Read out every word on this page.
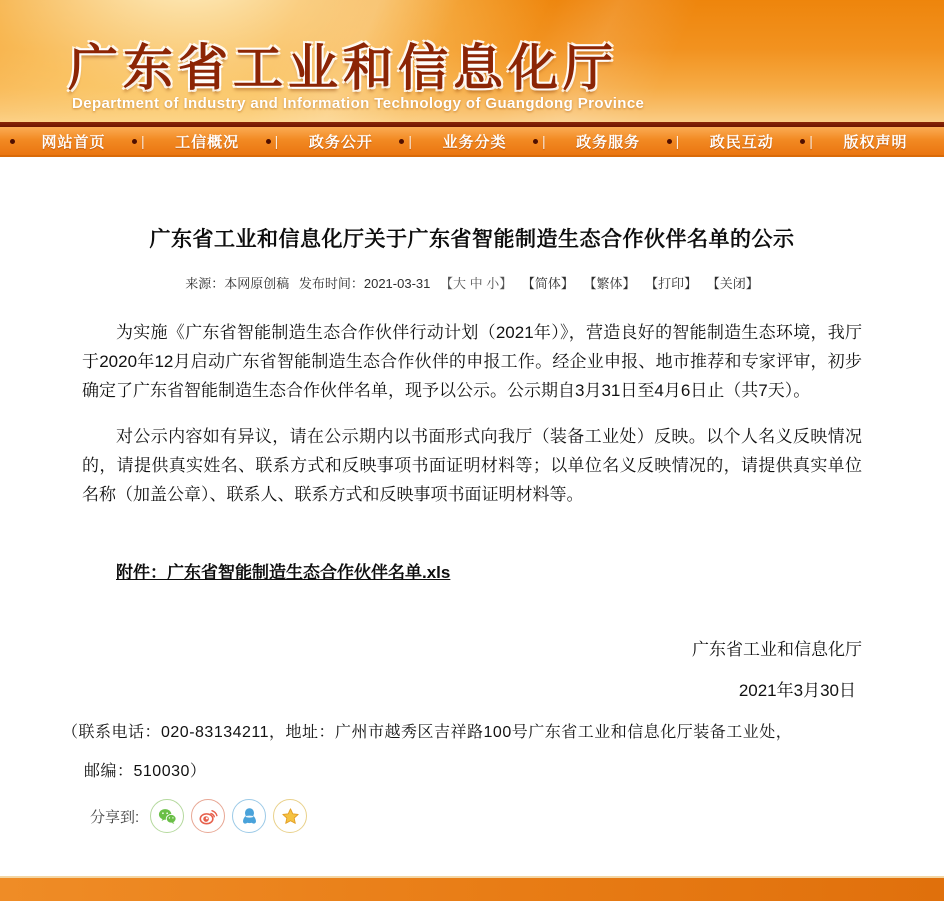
广东省工业和信息化厅
Department of Industry and Information Technology of Guangdong Province
网站首页	|	工信概况	|	政务公开	|	业务分类	|	政务服务	|	政民互动	|	版权声明
广东省工业和信息化厅关于广东省智能制造生态合作伙伴名单的公示
来源：本网原创稿 发布时间：2021-03-31 【大 中 小】 【简体】 【繁体】 【打印】 【关闭】

为实施《广东省智能制造生态合作伙伴行动计划（2021年）》，营造良好的智能制造生态环境，我厅于2020年12月启动广东省智能制造生态合作伙伴的申报工作。经企业申报、地市推荐和专家评审，初步确定了广东省智能制造生态合作伙伴名单，现予以公示。公示期自3月31日至4月6日止（共7天）。

对公示内容如有异议，请在公示期内以书面形式向我厅（装备工业处）反映。以个人名义反映情况的，请提供真实姓名、联系方式和反映事项书面证明材料等；以单位名义反映情况的，请提供真实单位名称（加盖公章）、联系人、联系方式和反映事项书面证明材料等。

附件：广东省智能制造生态合作伙伴名单.xls
广东省工业和信息化厅
2021年3月30日
（联系电话：020-83134211，地址：广州市越秀区吉祥路100号广东省工业和信息化厅装备工业处，
邮编：510030）
分享到:
